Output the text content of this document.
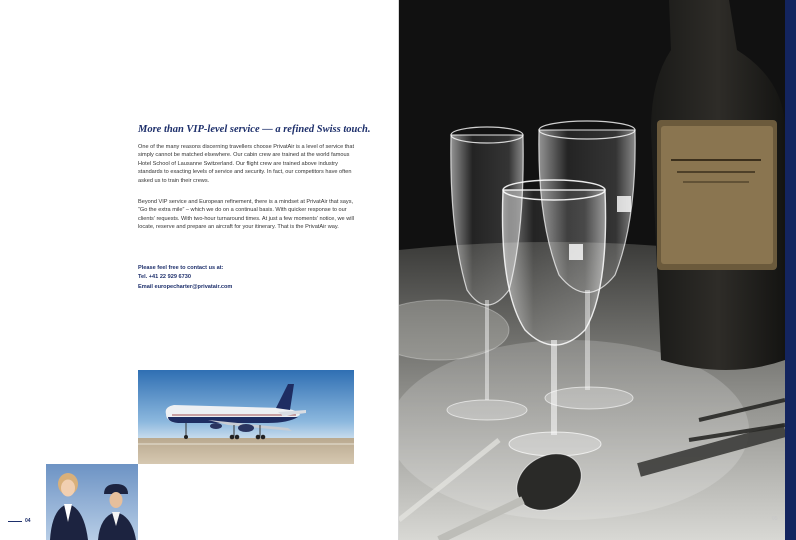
More than VIP-level service — a refined Swiss touch.
One of the many reasons discerning travellers choose PrivatAir is a level of service that simply cannot be matched elsewhere. Our cabin crew are trained at the world famous Hotel School of Lausanne Switzerland. Our flight crew are trained above industry standards to exacting levels of service and security. In fact, our competitors have often asked us to train their crews.
Beyond VIP service and European refinement, there is a mindset at PrivatAir that says, “Go the extra mile” – which we do on a continual basis. With quicker response to our clients’ requests. With two-hour turnaround times. At just a few moments’ notice, we will locate, reserve and prepare an aircraft for your itinerary. That is the PrivatAir way.
Please feel free to contact us at:
Tel. +41 22 929 6730
Email europecharter@privatair.com
04	05
